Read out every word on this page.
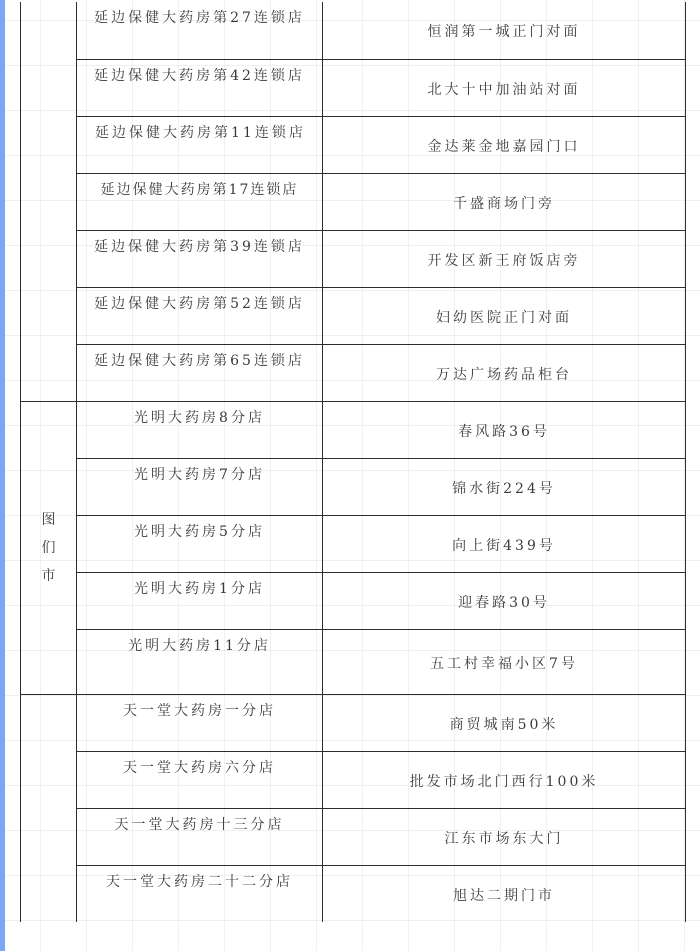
	延边保健大药房第27连锁店	恒润第一城正门对面
	延边保健大药房第42连锁店	北大十中加油站对面
	延边保健大药房第11连锁店	金达莱金地嘉园门口
	延边保健大药房第17连锁店	千盛商场门旁
	延边保健大药房第39连锁店	开发区新王府饭店旁
	延边保健大药房第52连锁店	妇幼医院正门对面
	延边保健大药房第65连锁店	万达广场药品柜台
图们市	光明大药房8分店	春风路36号
	光明大药房7分店	锦水街224号
	光明大药房5分店	向上街439号
	光明大药房1分店	迎春路30号
	光明大药房11分店	五工村幸福小区7号
	天一堂大药房一分店	商贸城南50米
	天一堂大药房六分店	批发市场北门西行100米
	天一堂大药房十三分店	江东市场东大门
	天一堂大药房二十二分店	旭达二期门市
